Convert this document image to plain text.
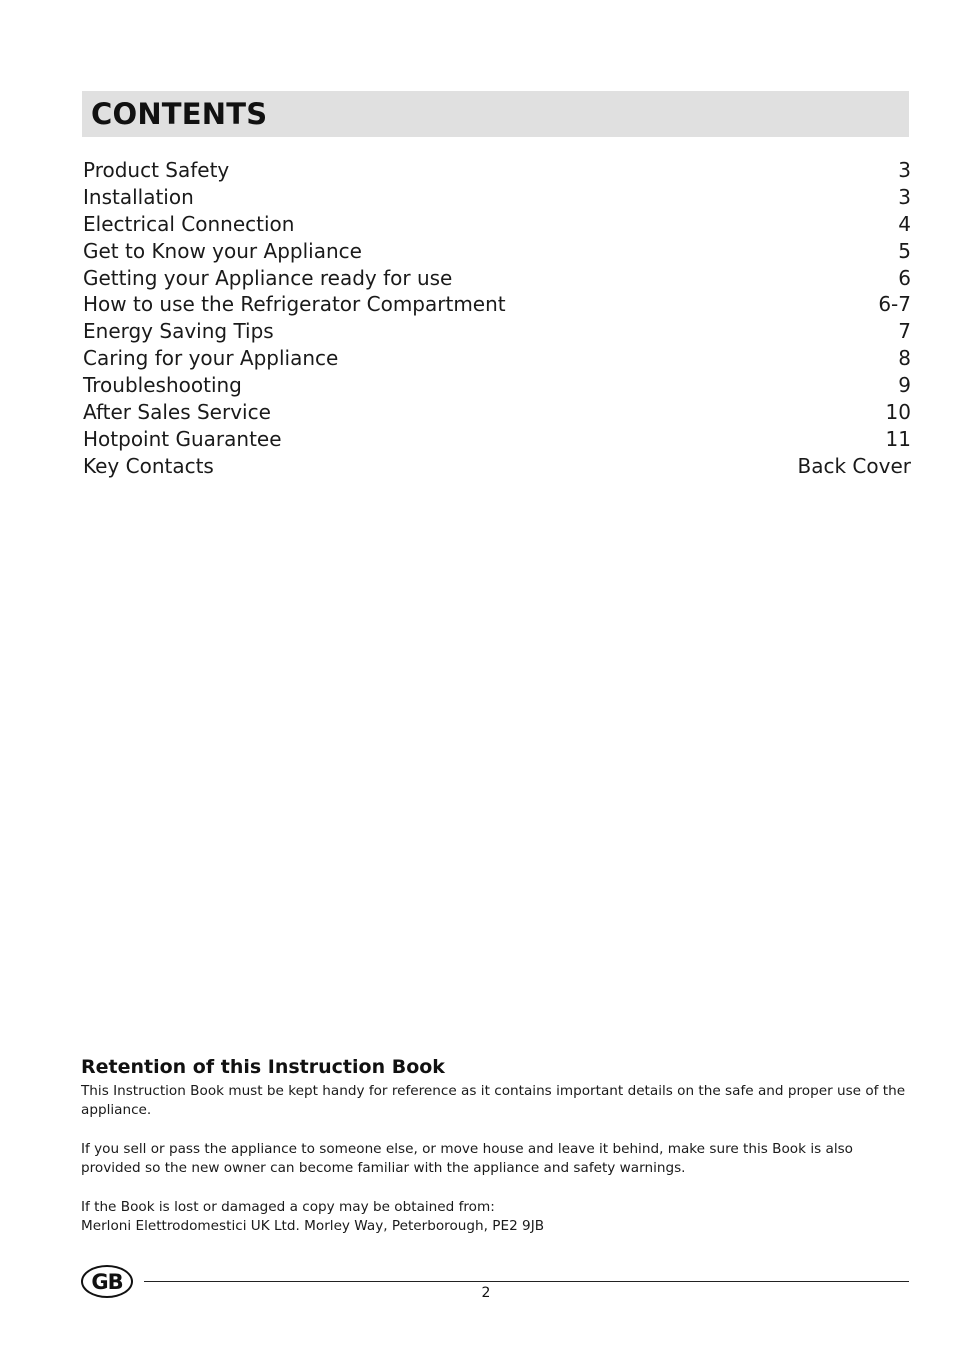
CONTENTS
Product Safety	3
Installation	3
Electrical Connection	4
Get to Know your Appliance	5
Getting your Appliance ready for use	6
How to use the Refrigerator Compartment	6-7
Energy Saving Tips	7
Caring for your Appliance	8
Troubleshooting	9
After Sales Service	10
Hotpoint Guarantee	11
Key Contacts	Back Cover
Retention of this Instruction Book

This Instruction Book must be kept handy for reference as it contains important details on the safe and proper use of the appliance.

If you sell or pass the appliance to someone else, or move house and leave it behind, make sure this Book is also provided so the new owner can become familiar with the appliance and safety warnings.

If the Book is lost or damaged a copy may be obtained from:
Merloni Elettrodomestici UK Ltd. Morley Way, Peterborough, PE2 9JB

GB	2
